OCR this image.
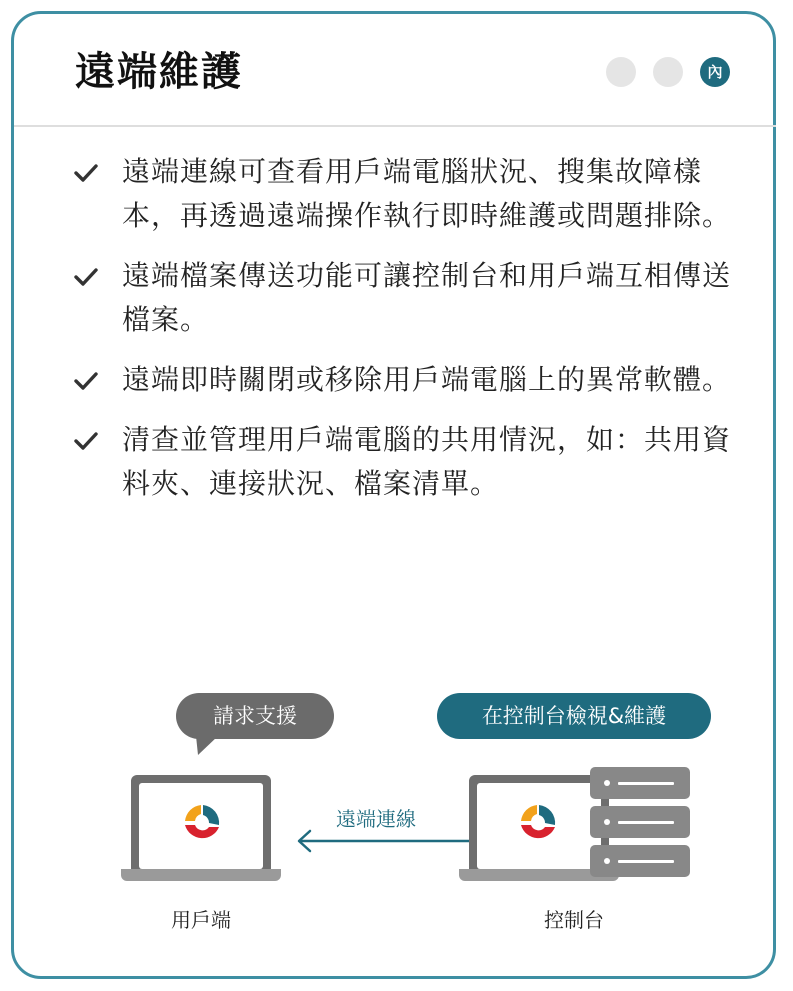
遠端維護	內
遠端連線可查看用戶端電腦狀況、搜集故障樣本，再透過遠端操作執行即時維護或問題排除。
遠端檔案傳送功能可讓控制台和用戶端互相傳送檔案。
遠端即時關閉或移除用戶端電腦上的異常軟體。
清查並管理用戶端電腦的共用情況，如：共用資料夾、連接狀況、檔案清單。
請求支援	在控制台檢視&維護
遠端連線
用戶端	控制台
